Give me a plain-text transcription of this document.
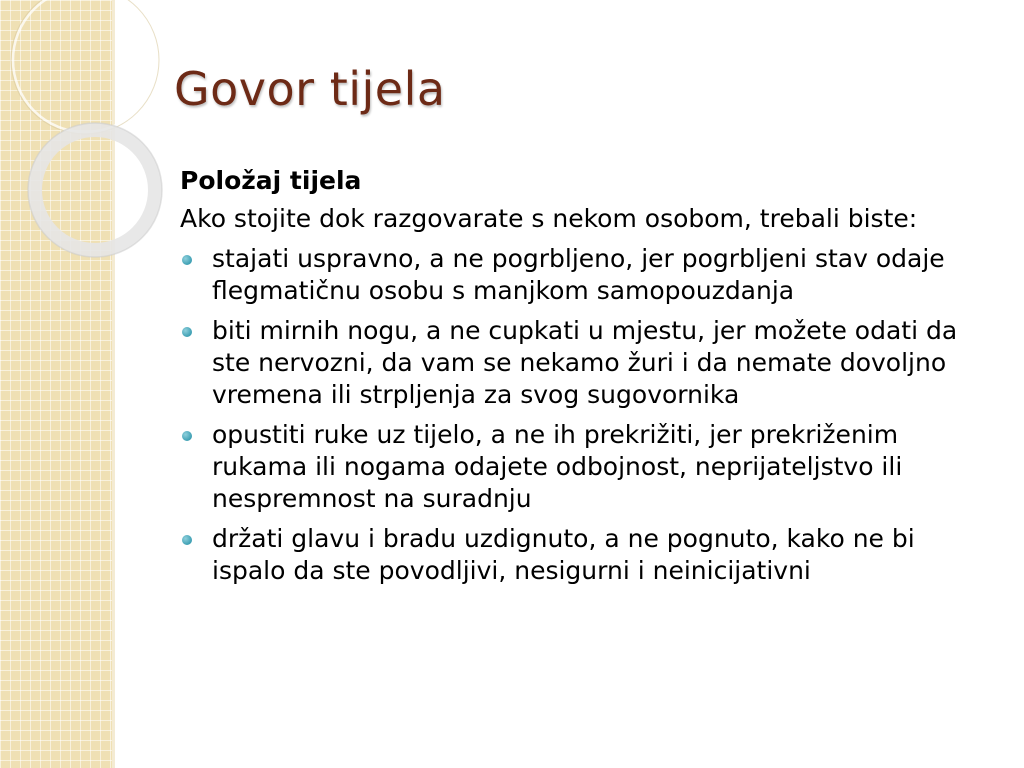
Govor tijela
Položaj tijela
Ako stojite dok razgovarate s nekom osobom, trebali biste:
stajati uspravno, a ne pogrbljeno, jer pogrbljeni stav odaje flegmatičnu osobu s manjkom samopouzdanja
biti mirnih nogu, a ne cupkati u mjestu, jer možete odati da ste nervozni, da vam se nekamo žuri i da nemate dovoljno vremena ili strpljenja za svog sugovornika
opustiti ruke uz tijelo, a ne ih prekrižiti, jer prekriženim rukama ili nogama odajete odbojnost, neprijateljstvo ili nespremnost na suradnju
držati glavu i bradu uzdignuto, a ne pognuto, kako ne bi ispalo da ste povodljivi, nesigurni i neinicijativni
